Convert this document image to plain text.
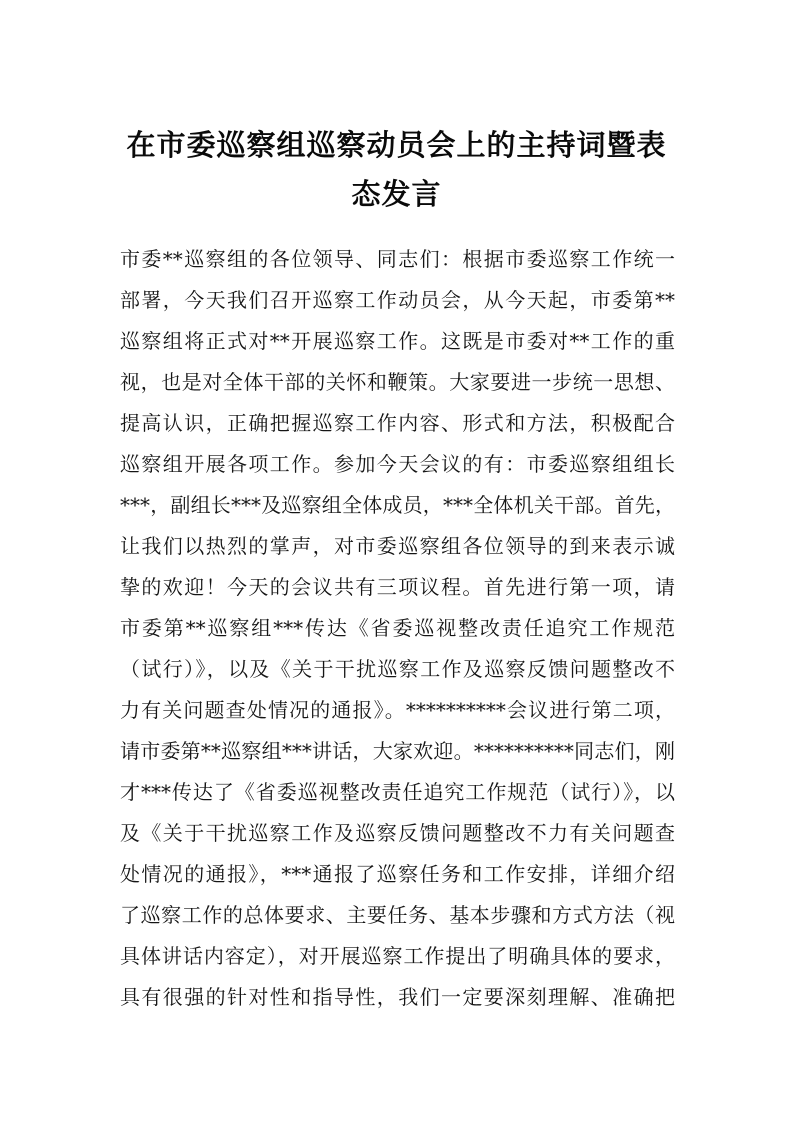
在市委巡察组巡察动员会上的主持词暨表
态发言
市委**巡察组的各位领导、同志们：根据市委巡察工作统一
部署，今天我们召开巡察工作动员会，从今天起，市委第**
巡察组将正式对**开展巡察工作。这既是市委对**工作的重
视，也是对全体干部的关怀和鞭策。大家要进一步统一思想、
提高认识，正确把握巡察工作内容、形式和方法，积极配合
巡察组开展各项工作。参加今天会议的有：市委巡察组组长
***，副组长***及巡察组全体成员，***全体机关干部。首先，
让我们以热烈的掌声，对市委巡察组各位领导的到来表示诚
挚的欢迎！今天的会议共有三项议程。首先进行第一项，请
市委第**巡察组***传达《省委巡视整改责任追究工作规范
（试行）》，以及《关于干扰巡察工作及巡察反馈问题整改不
力有关问题查处情况的通报》。**********会议进行第二项，
请市委第**巡察组***讲话，大家欢迎。**********同志们，刚
才***传达了《省委巡视整改责任追究工作规范（试行）》，以
及《关于干扰巡察工作及巡察反馈问题整改不力有关问题查
处情况的通报》，***通报了巡察任务和工作安排，详细介绍
了巡察工作的总体要求、主要任务、基本步骤和方式方法（视
具体讲话内容定），对开展巡察工作提出了明确具体的要求，
具有很强的针对性和指导性，我们一定要深刻理解、准确把
